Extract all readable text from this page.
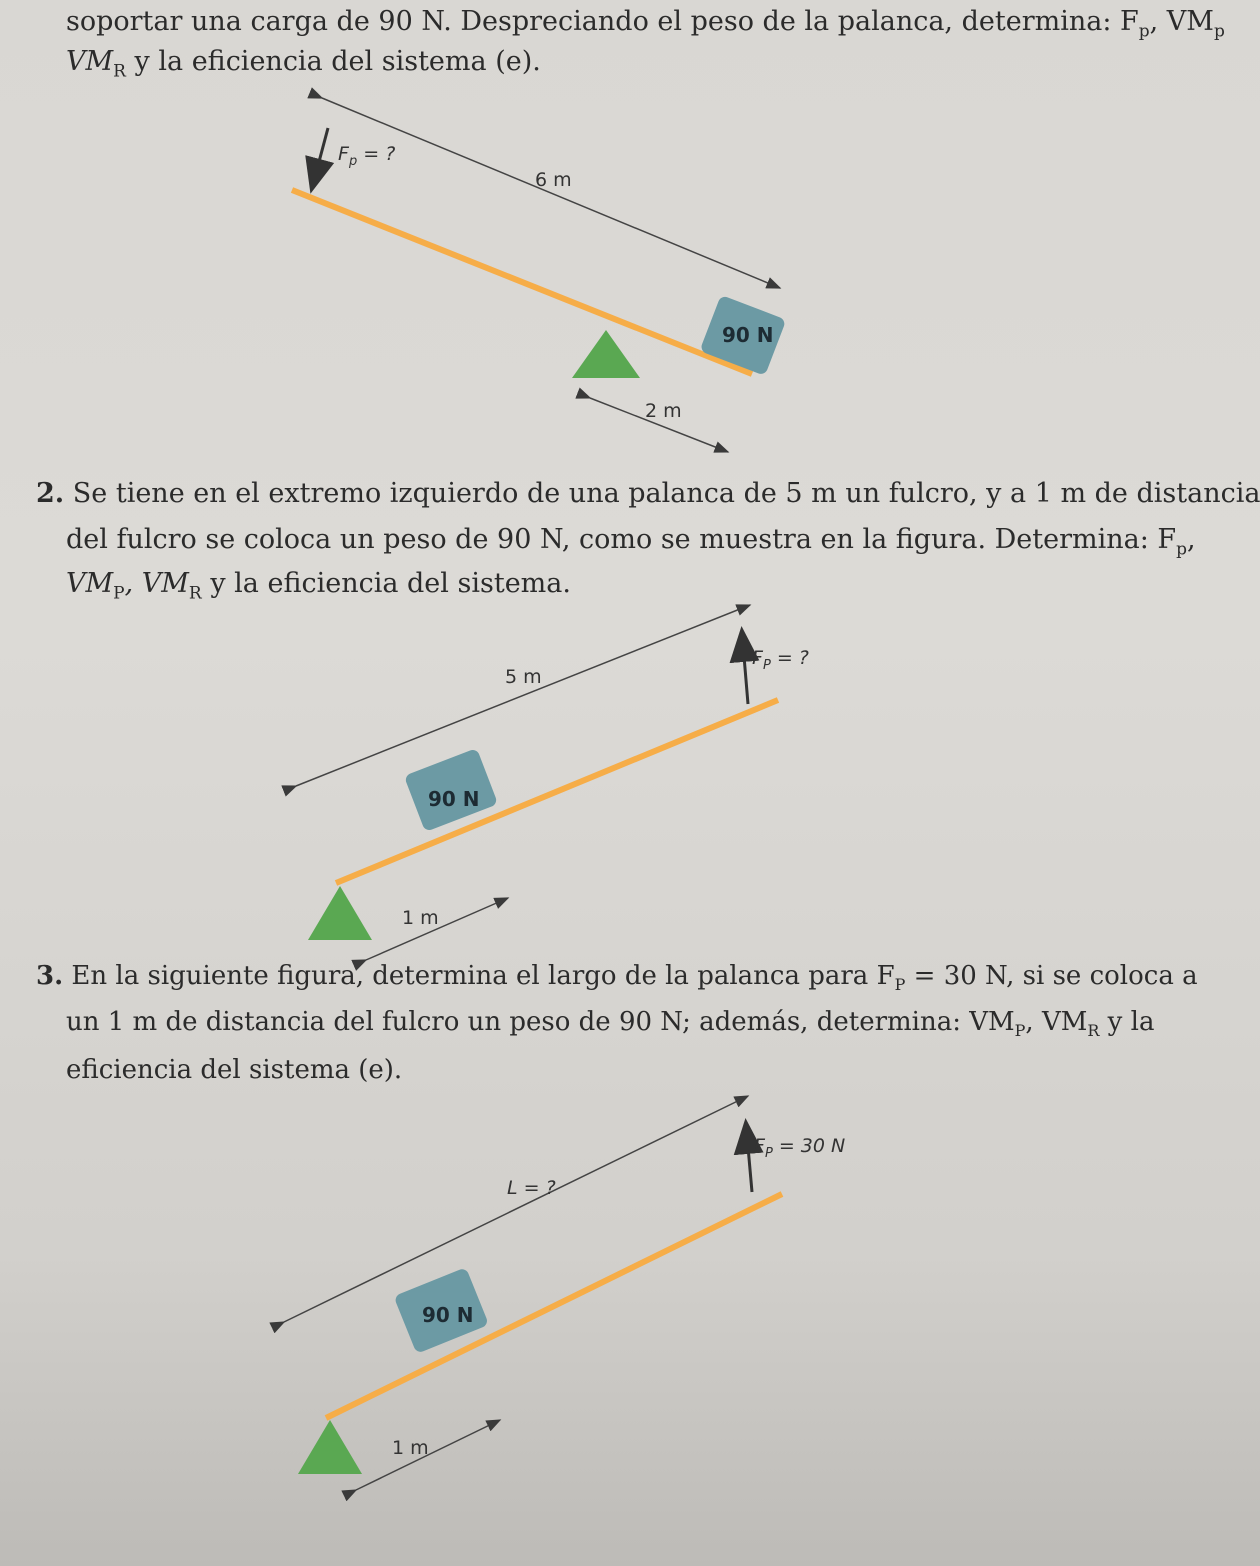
soportar una carga de 90 N. Despreciando el peso de la palanca, determina: $F_p$, $VM_p$
$VM_R$ y la eficiencia del sistema (e).
2. Se tiene en el extremo izquierdo de una palanca de 5 m un fulcro, y a 1 m de distancia
del fulcro se coloca un peso de 90 N, como se muestra en la figura. Determina: $F_p$,
$VM_P$, $VM_R$ y la eficiencia del sistema.
3. En la siguiente figura, determina el largo de la palanca para $F_P = 30$ N, si se coloca a
un 1 m de distancia del fulcro un peso de 90 N; además, determina: $VM_P$, $VM_R$ y la
eficiencia del sistema (e).
6 m
$F_p$ = ?
90 N
2 m
5 m
$F_P$ = ?
90 N
1 m
L = ?
$F_P = 30$ N
90 N
1 m
